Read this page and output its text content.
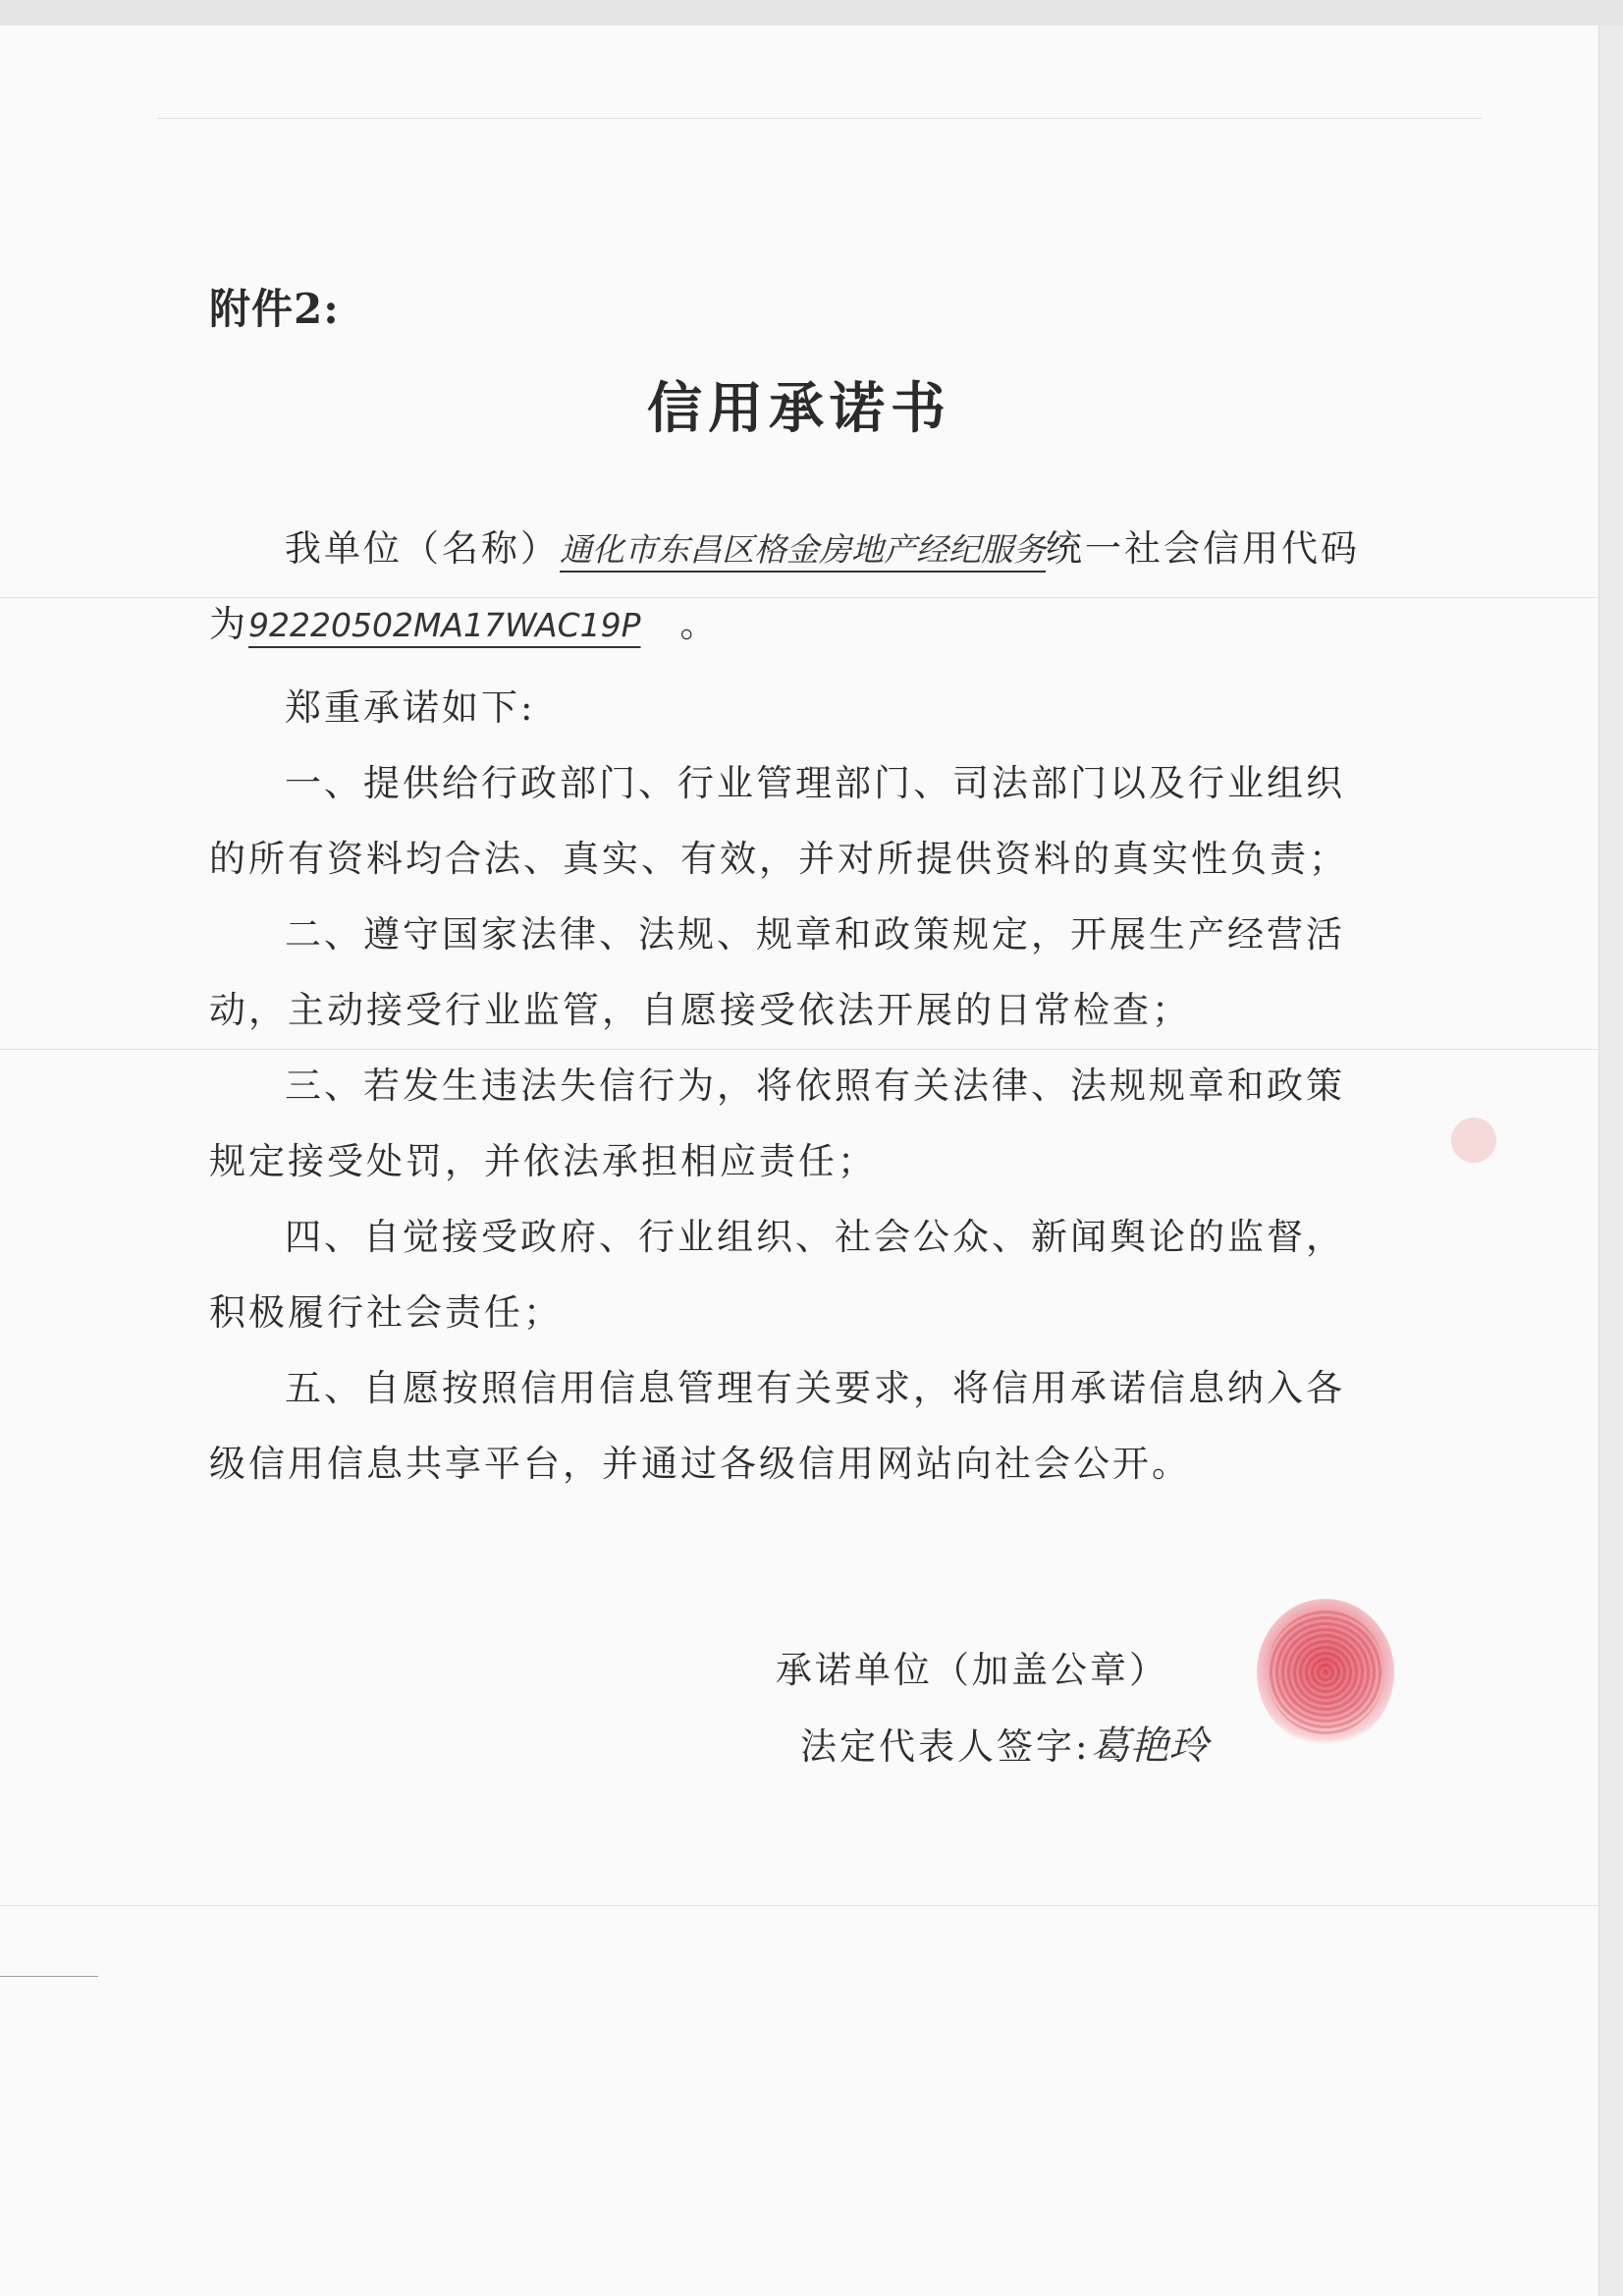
附件2:
信用承诺书
我单位（名称）通化市东昌区格金房地产经纪服务统一社会信用代码
为92220502MA17WAC19P 。
郑重承诺如下:
一、提供给行政部门、行业管理部门、司法部门以及行业组织
的所有资料均合法、真实、有效，并对所提供资料的真实性负责；
二、遵守国家法律、法规、规章和政策规定，开展生产经营活
动，主动接受行业监管，自愿接受依法开展的日常检查；
三、若发生违法失信行为，将依照有关法律、法规规章和政策
规定接受处罚，并依法承担相应责任；
四、自觉接受政府、行业组织、社会公众、新闻舆论的监督，
积极履行社会责任；
五、自愿按照信用信息管理有关要求，将信用承诺信息纳入各
级信用信息共享平台，并通过各级信用网站向社会公开。
承诺单位（加盖公章）
法定代表人签字:葛艳玲
